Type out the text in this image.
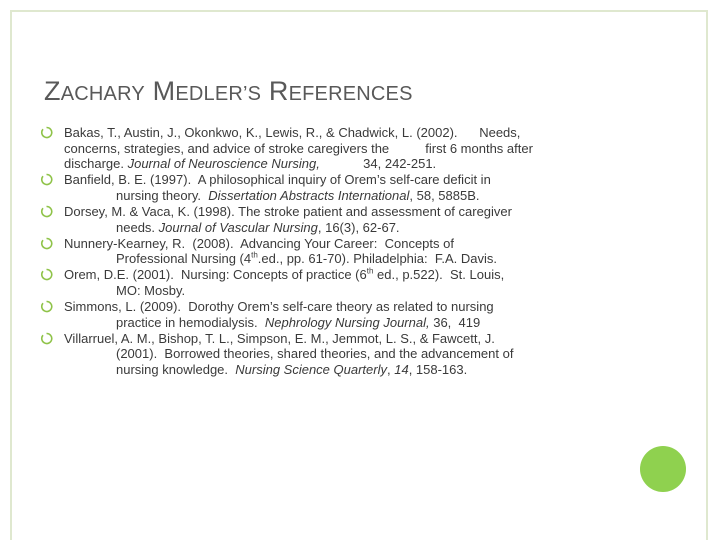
ZACHARY MEDLER’S REFERENCES
Bakas, T., Austin, J., Okonkwo, K., Lewis, R., & Chadwick, L. (2002).      Needs,
concerns, strategies, and advice of stroke caregivers the          first 6 months after
discharge. Journal of Neuroscience Nursing,            34, 242-251.
Banfield, B. E. (1997).  A philosophical inquiry of Orem’s self-care deficit in
nursing theory.  Dissertation Abstracts International, 58, 5885B.
Dorsey, M. & Vaca, K. (1998). The stroke patient and assessment of caregiver
needs. Journal of Vascular Nursing, 16(3), 62-67.
Nunnery-Kearney, R.  (2008).  Advancing Your Career:  Concepts of
Professional Nursing (4th.ed., pp. 61-70). Philadelphia:  F.A. Davis.
Orem, D.E. (2001).  Nursing: Concepts of practice (6th ed., p.522).  St. Louis,
MO: Mosby.
Simmons, L. (2009).  Dorothy Orem’s self-care theory as related to nursing
practice in hemodialysis.  Nephrology Nursing Journal, 36,  419
Villarruel, A. M., Bishop, T. L., Simpson, E. M., Jemmot, L. S., & Fawcett, J.
(2001).  Borrowed theories, shared theories, and the advancement of
nursing knowledge.  Nursing Science Quarterly, 14, 158-163.
